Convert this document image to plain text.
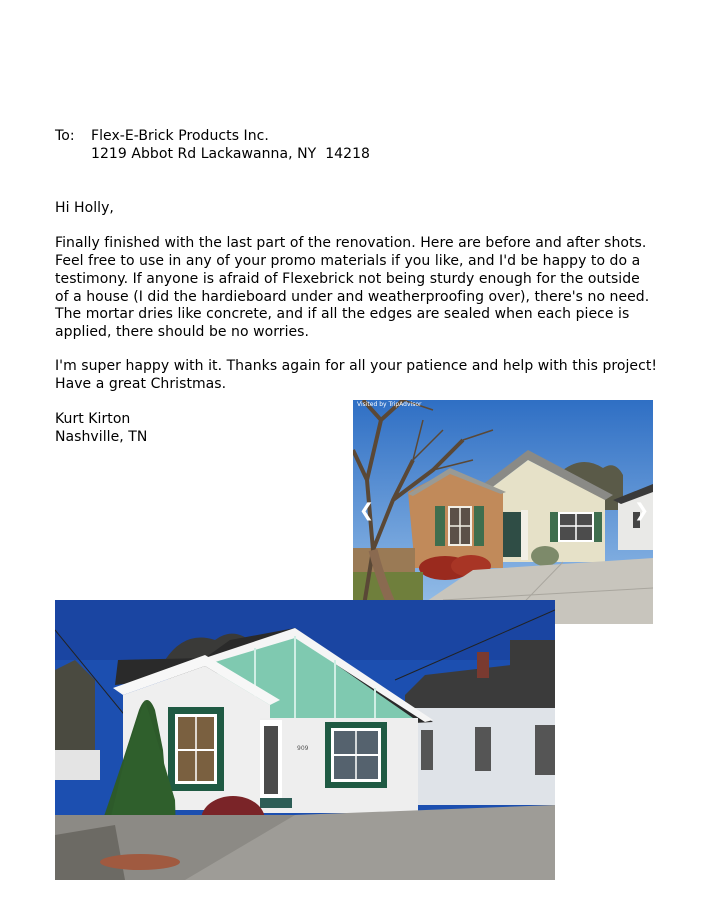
To: Flex-E-Brick Products Inc.
1219 Abbot Rd Lackawanna, NY  14218
Hi Holly,
Finally finished with the last part of the renovation. Here are before and after shots.
Feel free to use in any of your promo materials if you like, and I'd be happy to do a
testimony. If anyone is afraid of Flexebrick not being sturdy enough for the outside
of a house (I did the hardieboard under and weatherproofing over), there's no need.
The mortar dries like concrete, and if all the edges are sealed when each piece is
applied, there should be no worries.
I'm super happy with it. Thanks again for all your patience and help with this project!
Have a great Christmas.
Kurt Kirton
Nashville, TN
Visited by TripAdvisor
❮	❯
909
